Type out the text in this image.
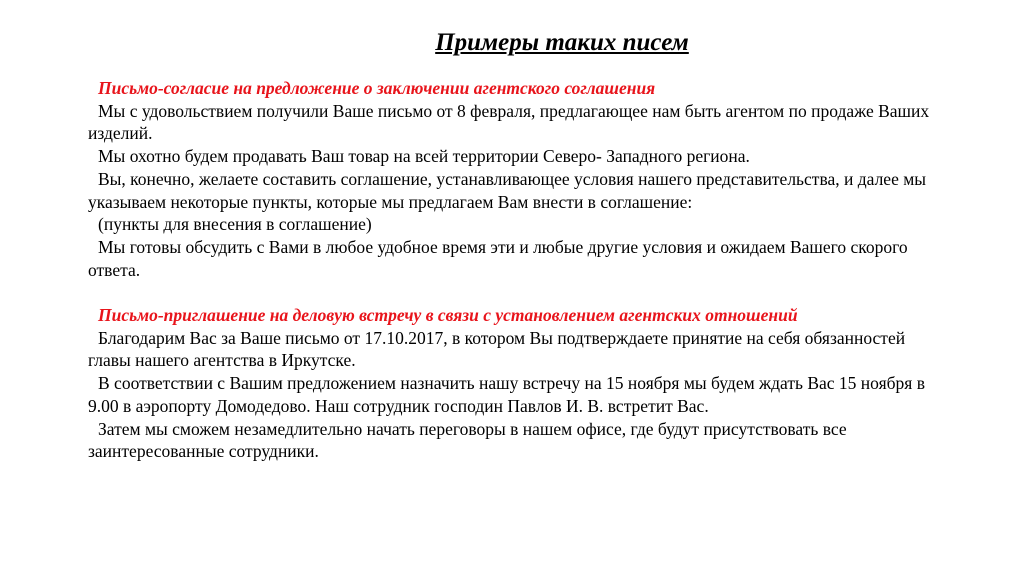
Примеры таких писем

Письмо-согласие на предложение о заключении агентского соглашения

Мы с удовольствием получили Ваше письмо от 8 февраля, предлагающее нам быть агентом по продаже Ваших изделий.

Мы охотно будем продавать Ваш товар на всей территории Северо- Западного региона.

Вы, конечно, желаете составить соглашение, устанавливающее условия нашего представительства, и далее мы указываем некоторые пункты, которые мы предлагаем Вам внести в соглашение:

(пункты для внесения в соглашение)

Мы готовы обсудить с Вами в любое удобное время эти и любые другие условия и ожидаем Вашего скорого ответа.

Письмо-приглашение на деловую встречу в связи с установлением агентских отношений

Благодарим Вас за Ваше письмо от 17.10.2017, в котором Вы подтверждаете принятие на себя обязанностей главы нашего агентства в Иркутске.

В соответствии с Вашим предложением назначить нашу встречу на 15 ноября мы будем ждать Вас 15 ноября в 9.00 в аэропорту Домодедово. Наш сотрудник господин Павлов И. В. встретит Вас.

Затем мы сможем незамедлительно начать переговоры в нашем офисе, где будут присутствовать все заинтересованные сотрудники.
